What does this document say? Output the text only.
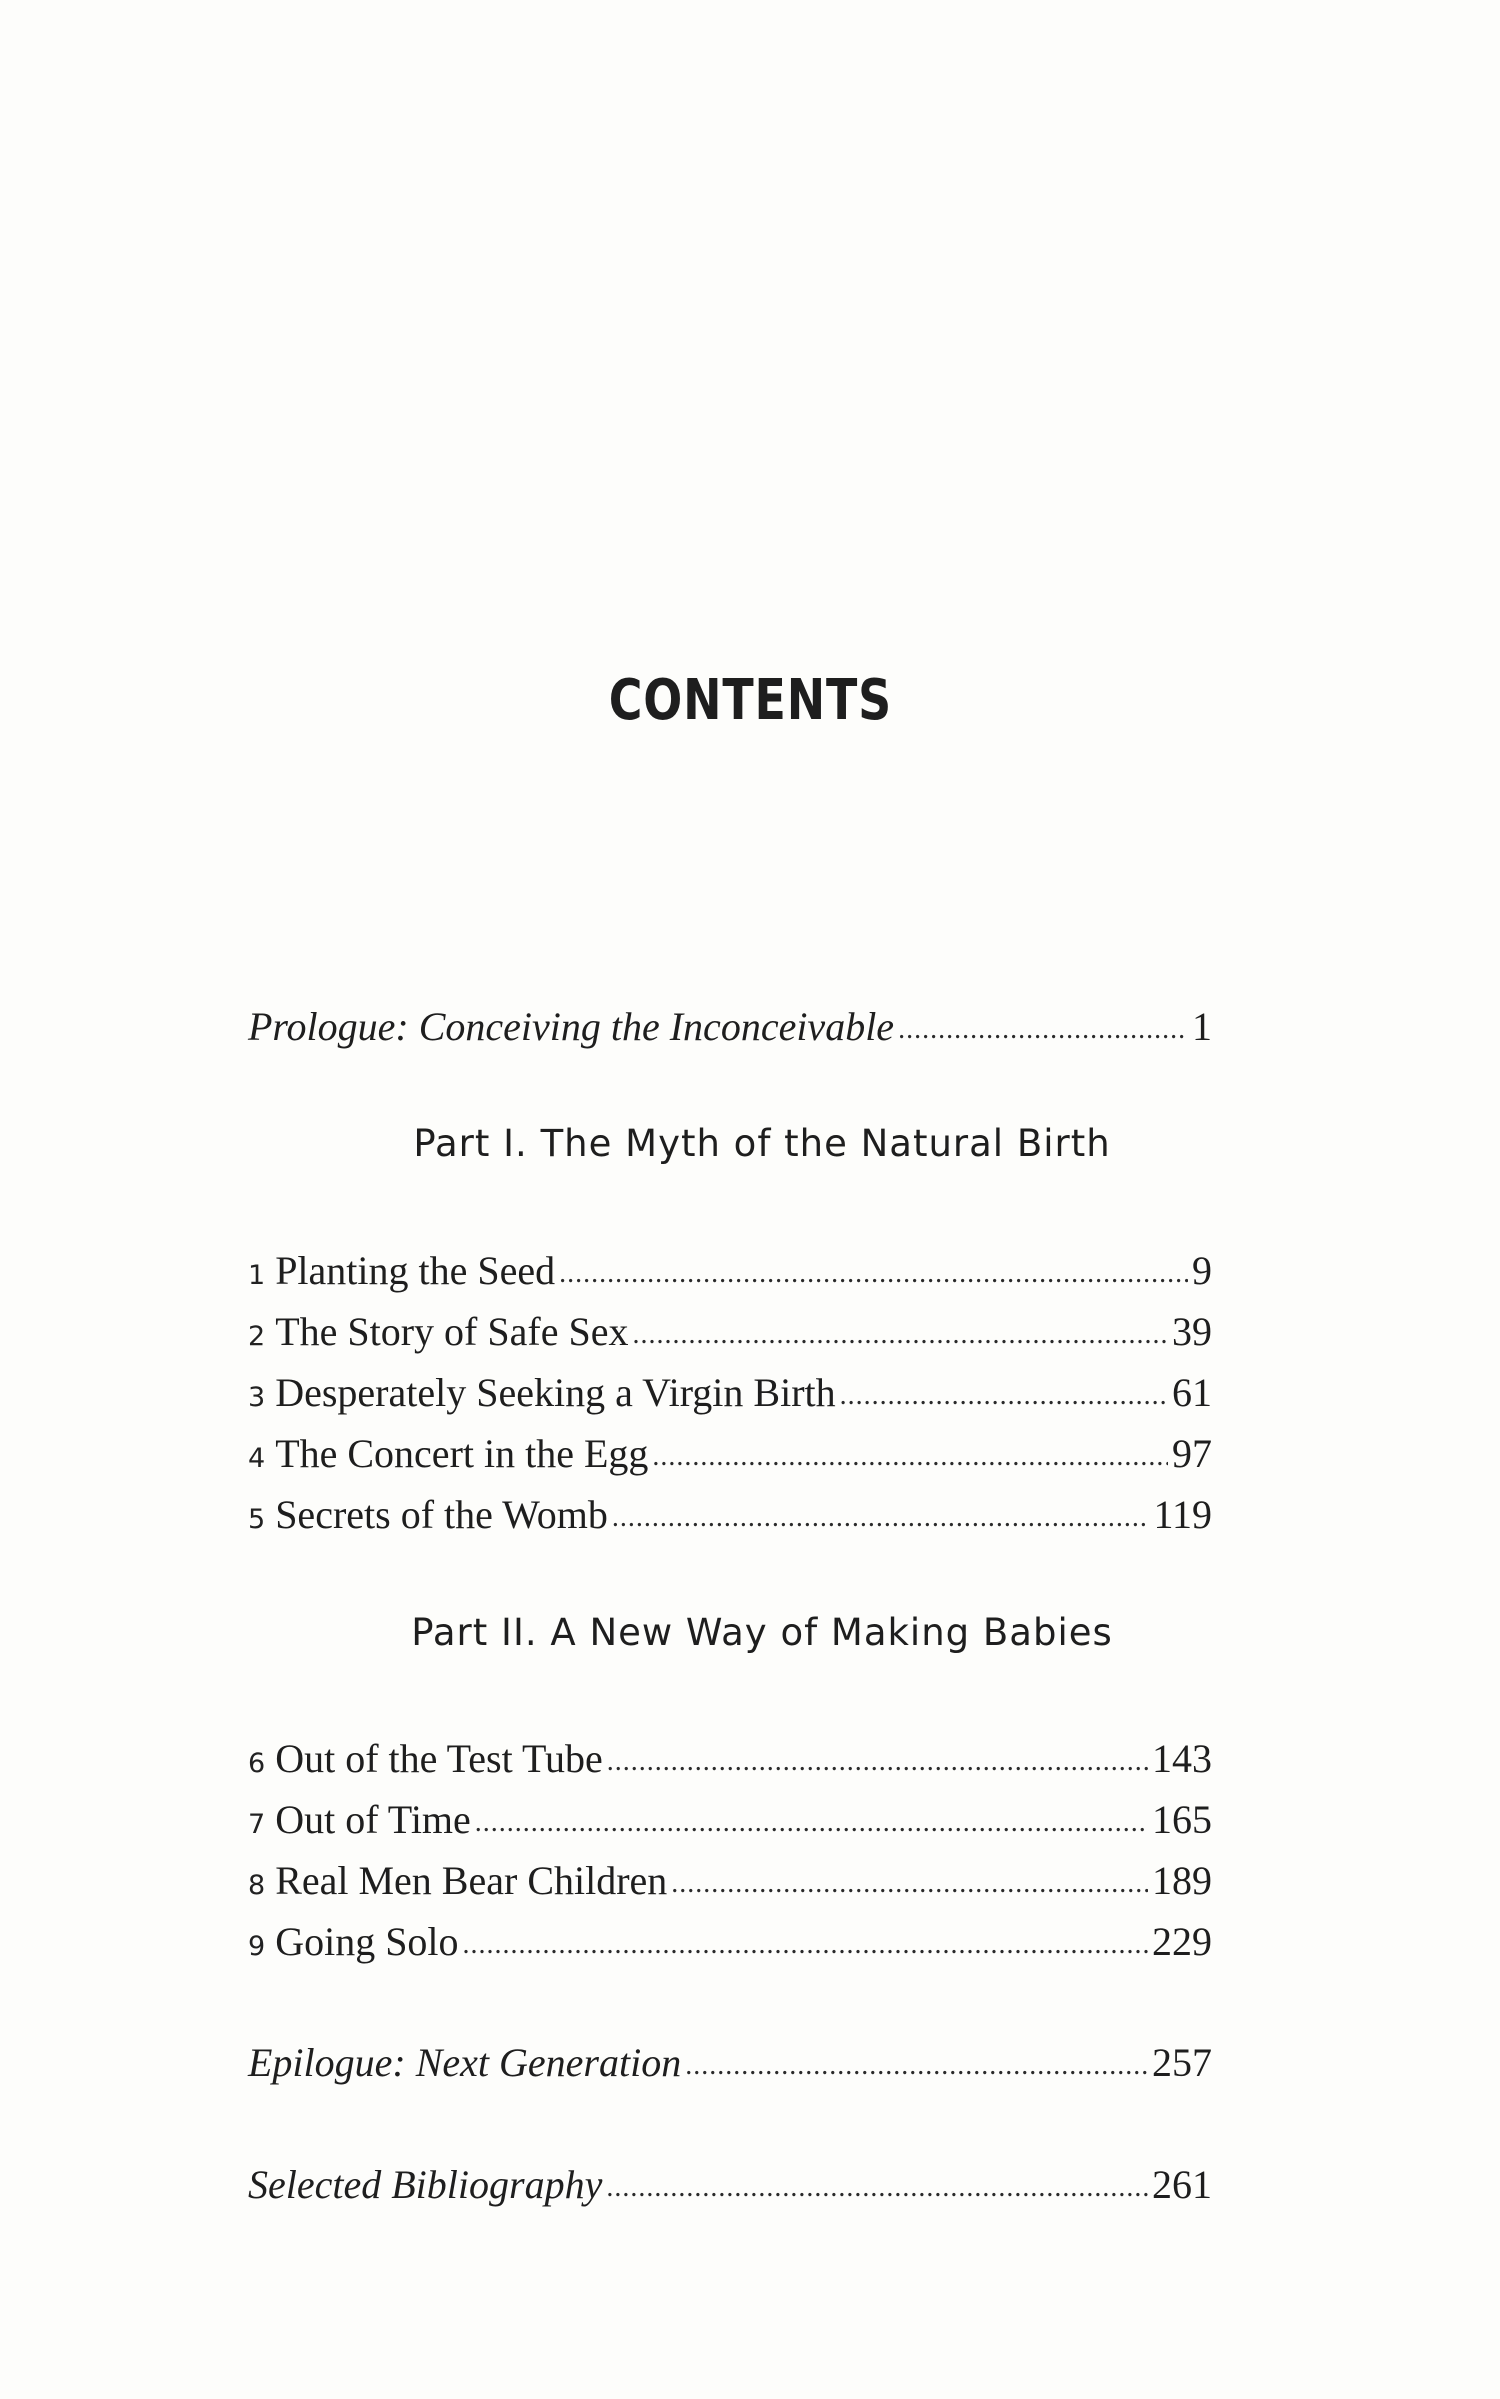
CONTENTS
Prologue: Conceiving the Inconceivable .....	1
1 Planting the Seed .....	9
2 The Story of Safe Sex .....	39
3 Desperately Seeking a Virgin Birth .....	61
4 The Concert in the Egg .....	97
5 Secrets of the Womb .....	119
6 Out of the Test Tube .....	143
7 Out of Time .....	165
8 Real Men Bear Children .....	189
9 Going Solo .....	229
Epilogue: Next Generation .....	257
Selected Bibliography .....	261
Part I. The Myth of the Natural Birth
Part II. A New Way of Making Babies
